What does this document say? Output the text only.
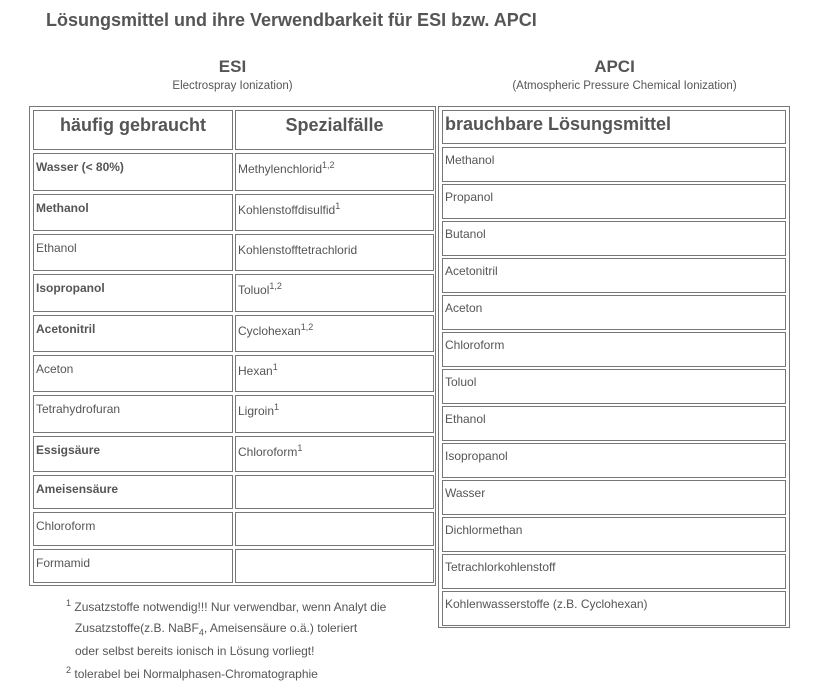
Lösungsmittel und ihre Verwendbarkeit für ESI bzw. APCI
ESI
Electrospray Ionization)
APCI
(Atmospheric Pressure Chemical Ionization)
häufig gebraucht	Spezialfälle
Wasser (< 80%)	Methylenchlorid$^{1,2}$
Methanol	Kohlenstoffdisulfid$^1$
Ethanol	Kohlenstofftetrachlorid
Isopropanol	Toluol$^{1,2}$
Acetonitril	Cyclohexan$^{1,2}$
Aceton	Hexan$^1$
Tetrahydrofuran	Ligroin$^1$
Essigsäure	Chloroform$^1$
Ameisensäure
Chloroform
Formamid
brauchbare Lösungsmittel
Methanol
Propanol
Butanol
Acetonitril
Aceton
Chloroform
Toluol
Ethanol
Isopropanol
Wasser
Dichlormethan
Tetrachlorkohlenstoff
Kohlenwasserstoffe (z.B. Cyclohexan)
$^1$ Zusatzstoffe notwendig!!! Nur verwendbar, wenn Analyt die
Zusatzstoffe(z.B. NaBF$_4$, Ameisensäure o.ä.) toleriert
oder selbst bereits ionisch in Lösung vorliegt!
$^2$ tolerabel bei Normalphasen-Chromatographie
